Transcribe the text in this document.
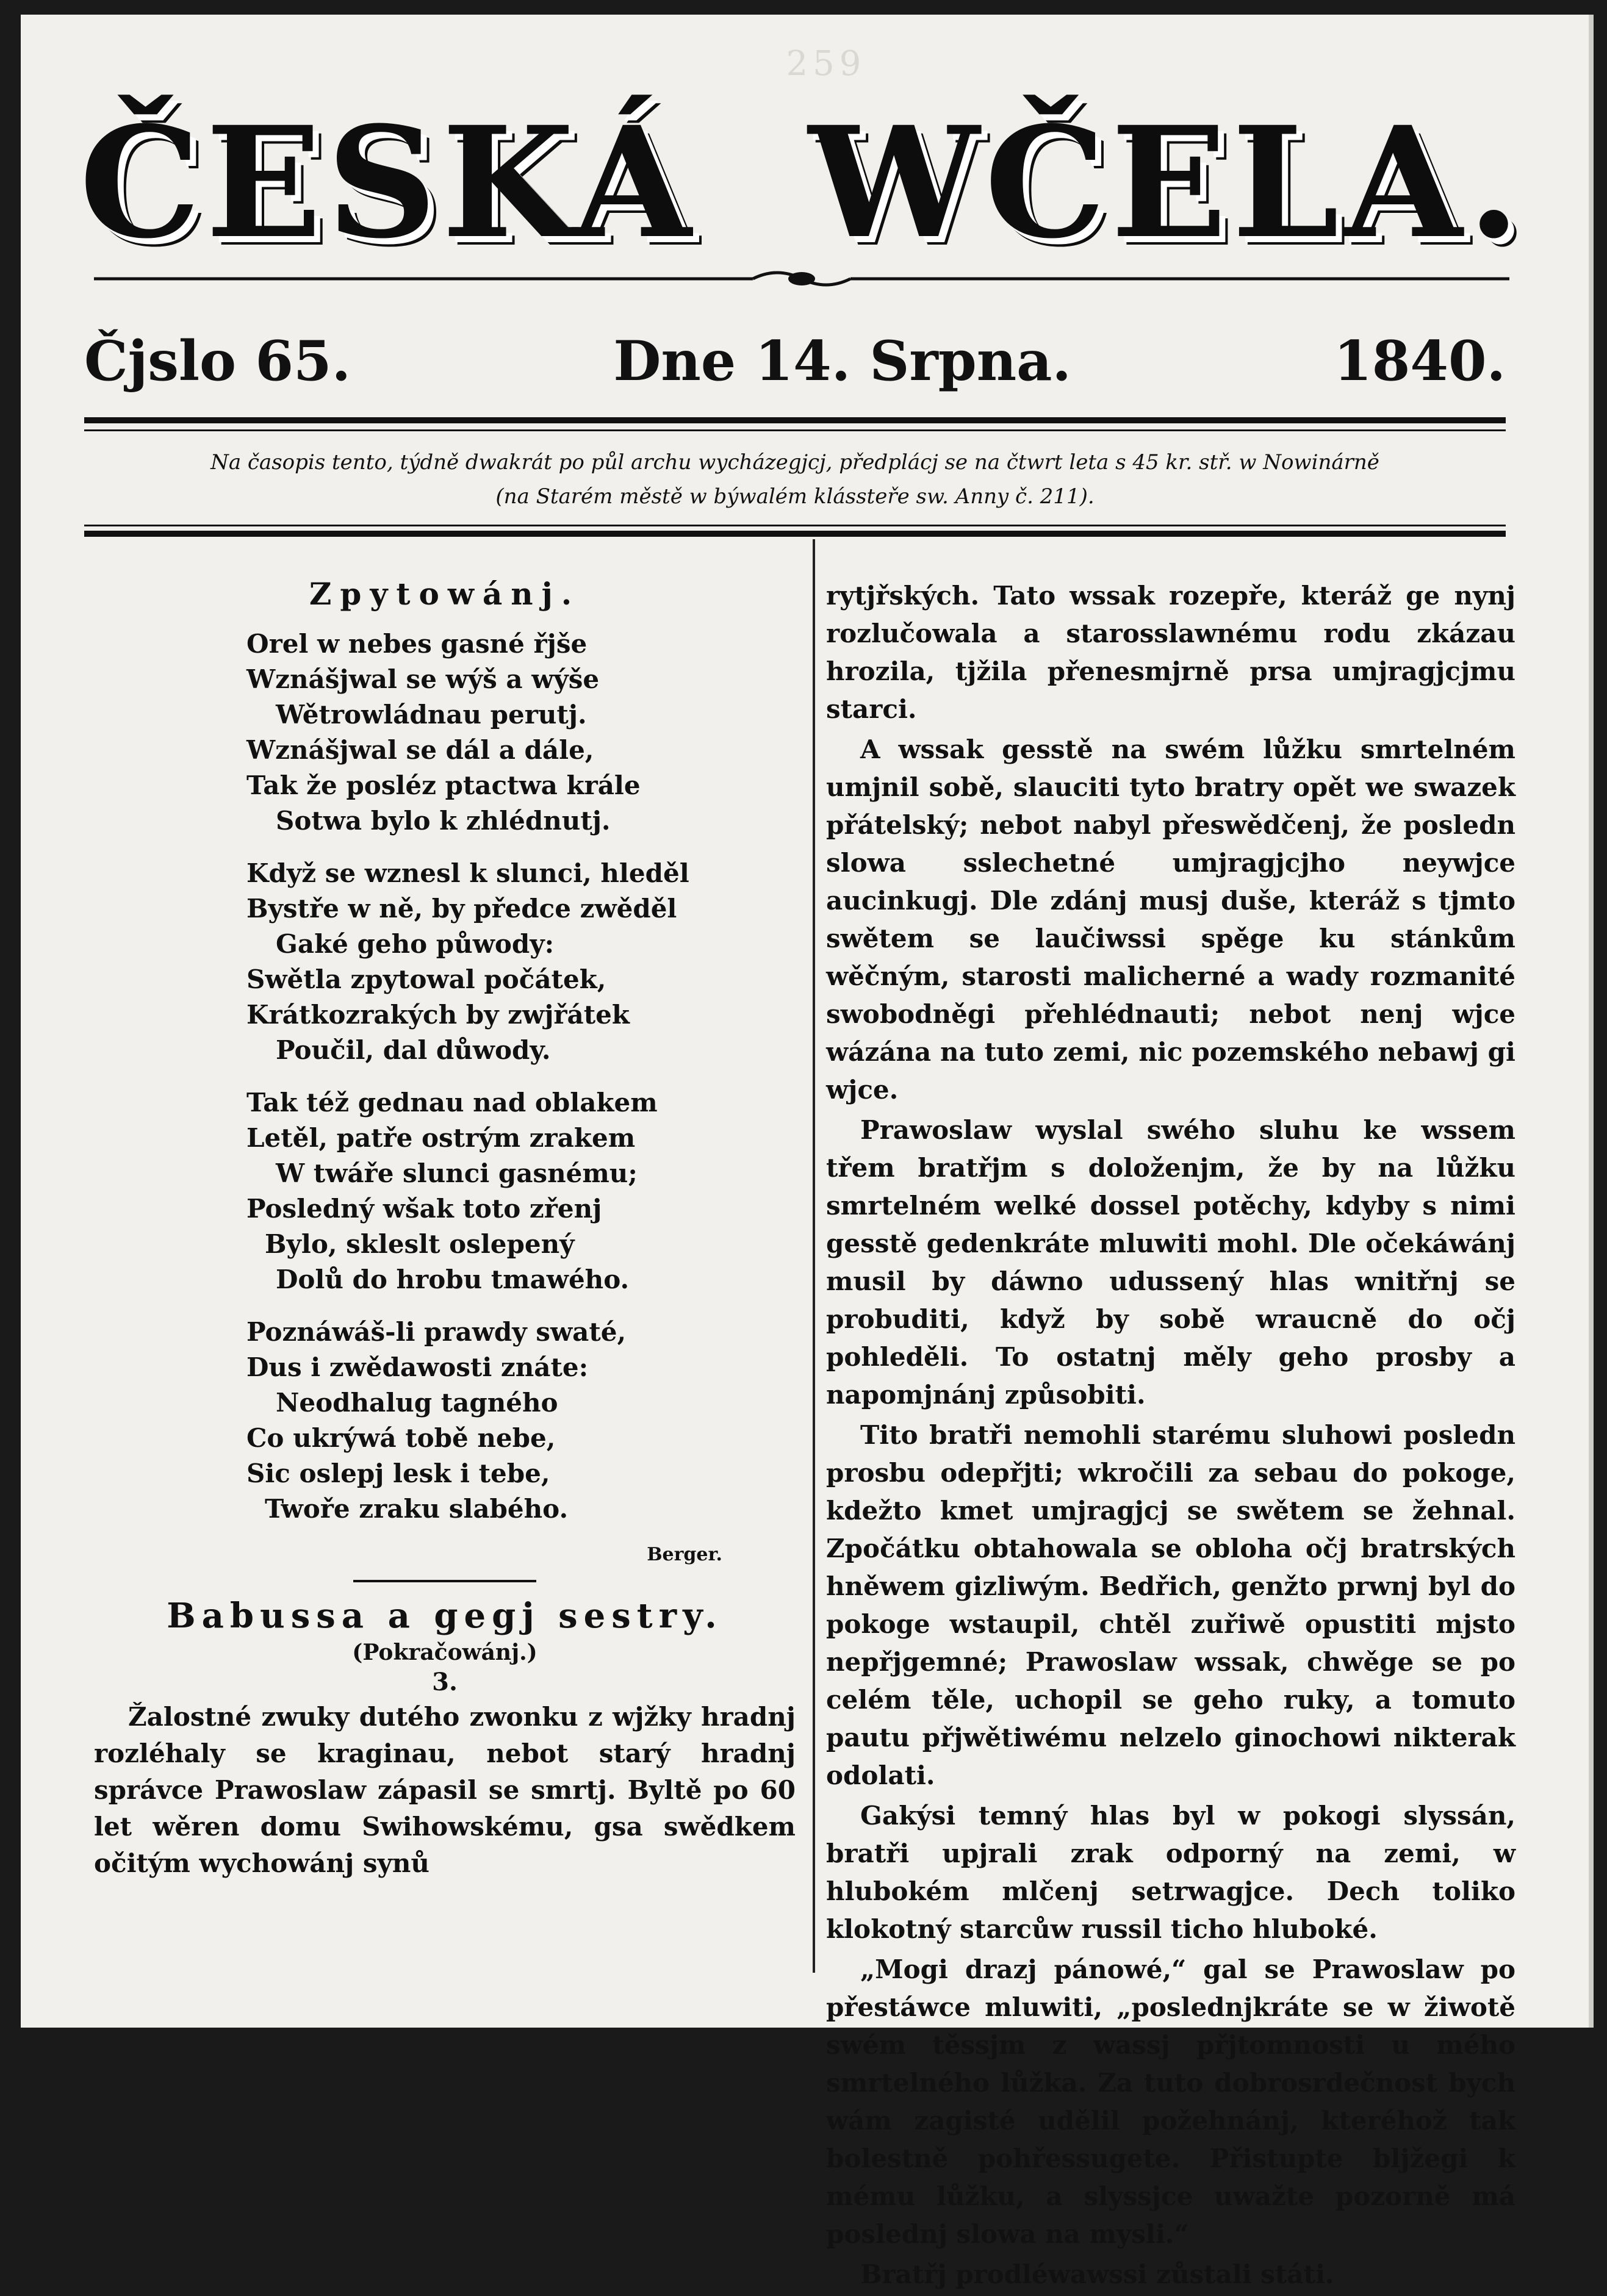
259
ČESKÁ WČELA.
Čjslo 65.	Dne 14. Srpna.	1840.
Na časopis tento, týdně dwakrát po půl archu wycházegjcj, předplácj se na čtwrt leta s 45 kr. stř. w Nowinárně
(na Starém městě w býwalém klásstеře sw. Anny č. 211).
Zpytowánj.
Orel w nebes gasné řjše
Wznášjwal se wýš a wýše
Wětrowládnau perutj.
Wznášjwal se dál a dále,
Tak že posléz ptactwa krále
Sotwa bylo k zhlédnutj.
Když se wznesl k slunci, hleděl
Bystře w ně, by předce zwěděl
Gaké geho půwody:
Swětla zpytowal počátek,
Krátkozrakých by zwjřátek
Poučil, dal důwody.
Tak též gednau nad oblakem
Letěl, patře ostrým zrakem
W twáře slunci gasnému;
Posledný wšak toto zřenj
Bylo, skleslt oslepený
Dolů do hrobu tmawého.
Poznáwáš-li prawdy swaté,
Dus i zwědawosti znáte:
Neodhalug tagného
Co ukrýwá tobě nebe,
Sic oslepj lesk i tebe,
Twoře zraku slabého.
Berger.
Babussa a gegj sestry.
(Pokračowánj.)
3.

Žalostné zwuky dutého zwonku z wjžky hradnj rozléhaly se kraginau, nebot starý hradnj správce Prawoslaw zápasil se smrtj. Byltě po 60 let wěren domu Swihowskému, gsa swědkem očitým wychowánj synů

rytjřských. Tato wssak rozepře, kteráž ge nynj rozlučowala a starosslawnému rodu zkázau hrozila, tjžila přenesmjrně prsa umjragjcjmu starci.

A wssak gesstě na swém lůžku smrtelném umjnil sobě, slauciti tyto bratry opět we swazek přátelský; nebot nabyl přeswědčenj, že posledn slowa sslechetné umjragjcjho neywjce aucinkugj. Dle zdánj musj duše, kteráž s tjmto swětem se laučiwssi spěge ku stánkům wěčným, starosti malicherné a wady rozmanité swobodněgi přehlédnauti; nebot nenj wjce wázána na tuto zemi, nic pozemského nebawj gi wjce.

Prawoslaw wyslal swého sluhu ke wssem třem bratřjm s doloženjm, že by na lůžku smrtelném welké dossel potěchy, kdyby s nimi gesstě gedenkráte mluwiti mohl. Dle očekáwánj musil by dáwno udussený hlas wnitřnj se probuditi, když by sobě wraucně do očj pohleděli. To ostatnj měly geho prosby a napomjnánj způsobiti.

Tito bratři nemohli starému sluhowi posledn prosbu odepřjti; wkročili za sebau do pokoge, kdežto kmet umjragjcj se swětem se žehnal. Zpočátku obtahowala se obloha očj bratrských hněwem gizliwým. Bedřich, genžto prwnj byl do pokoge wstaupil, chtěl zuřiwě opustiti mjsto nepřjgemné; Prawoslaw wssak, chwěge se po celém těle, uchopil se geho ruky, a tomuto pautu přjwětiwému nelzelo ginochowi nikterak odolati.

Gakýsi temný hlas byl w pokogi slyssán, bratři upjrali zrak odporný na zemi, w hlubokém mlčenj setrwagjce. Dech toliko klokotný starcůw russil ticho hluboké.

„Mogi drazj pánowé,“ gal se Prawoslaw po přestáwce mluwiti, „poslednjkráte se w žiwotě swém těssjm z wassj přjtomnosti u mého smrtelného lůžka. Za tuto dobrosrdečnost bych wám zagisté udělil požehnánj, kteréhož tak bolestně pohřessugete. Přistupte blјžegi k mému lůžku, a slyssjce uwažte pozorně má poslednj slowa na mysli.“

Bratřj prodléwawssi zůstali státi.
